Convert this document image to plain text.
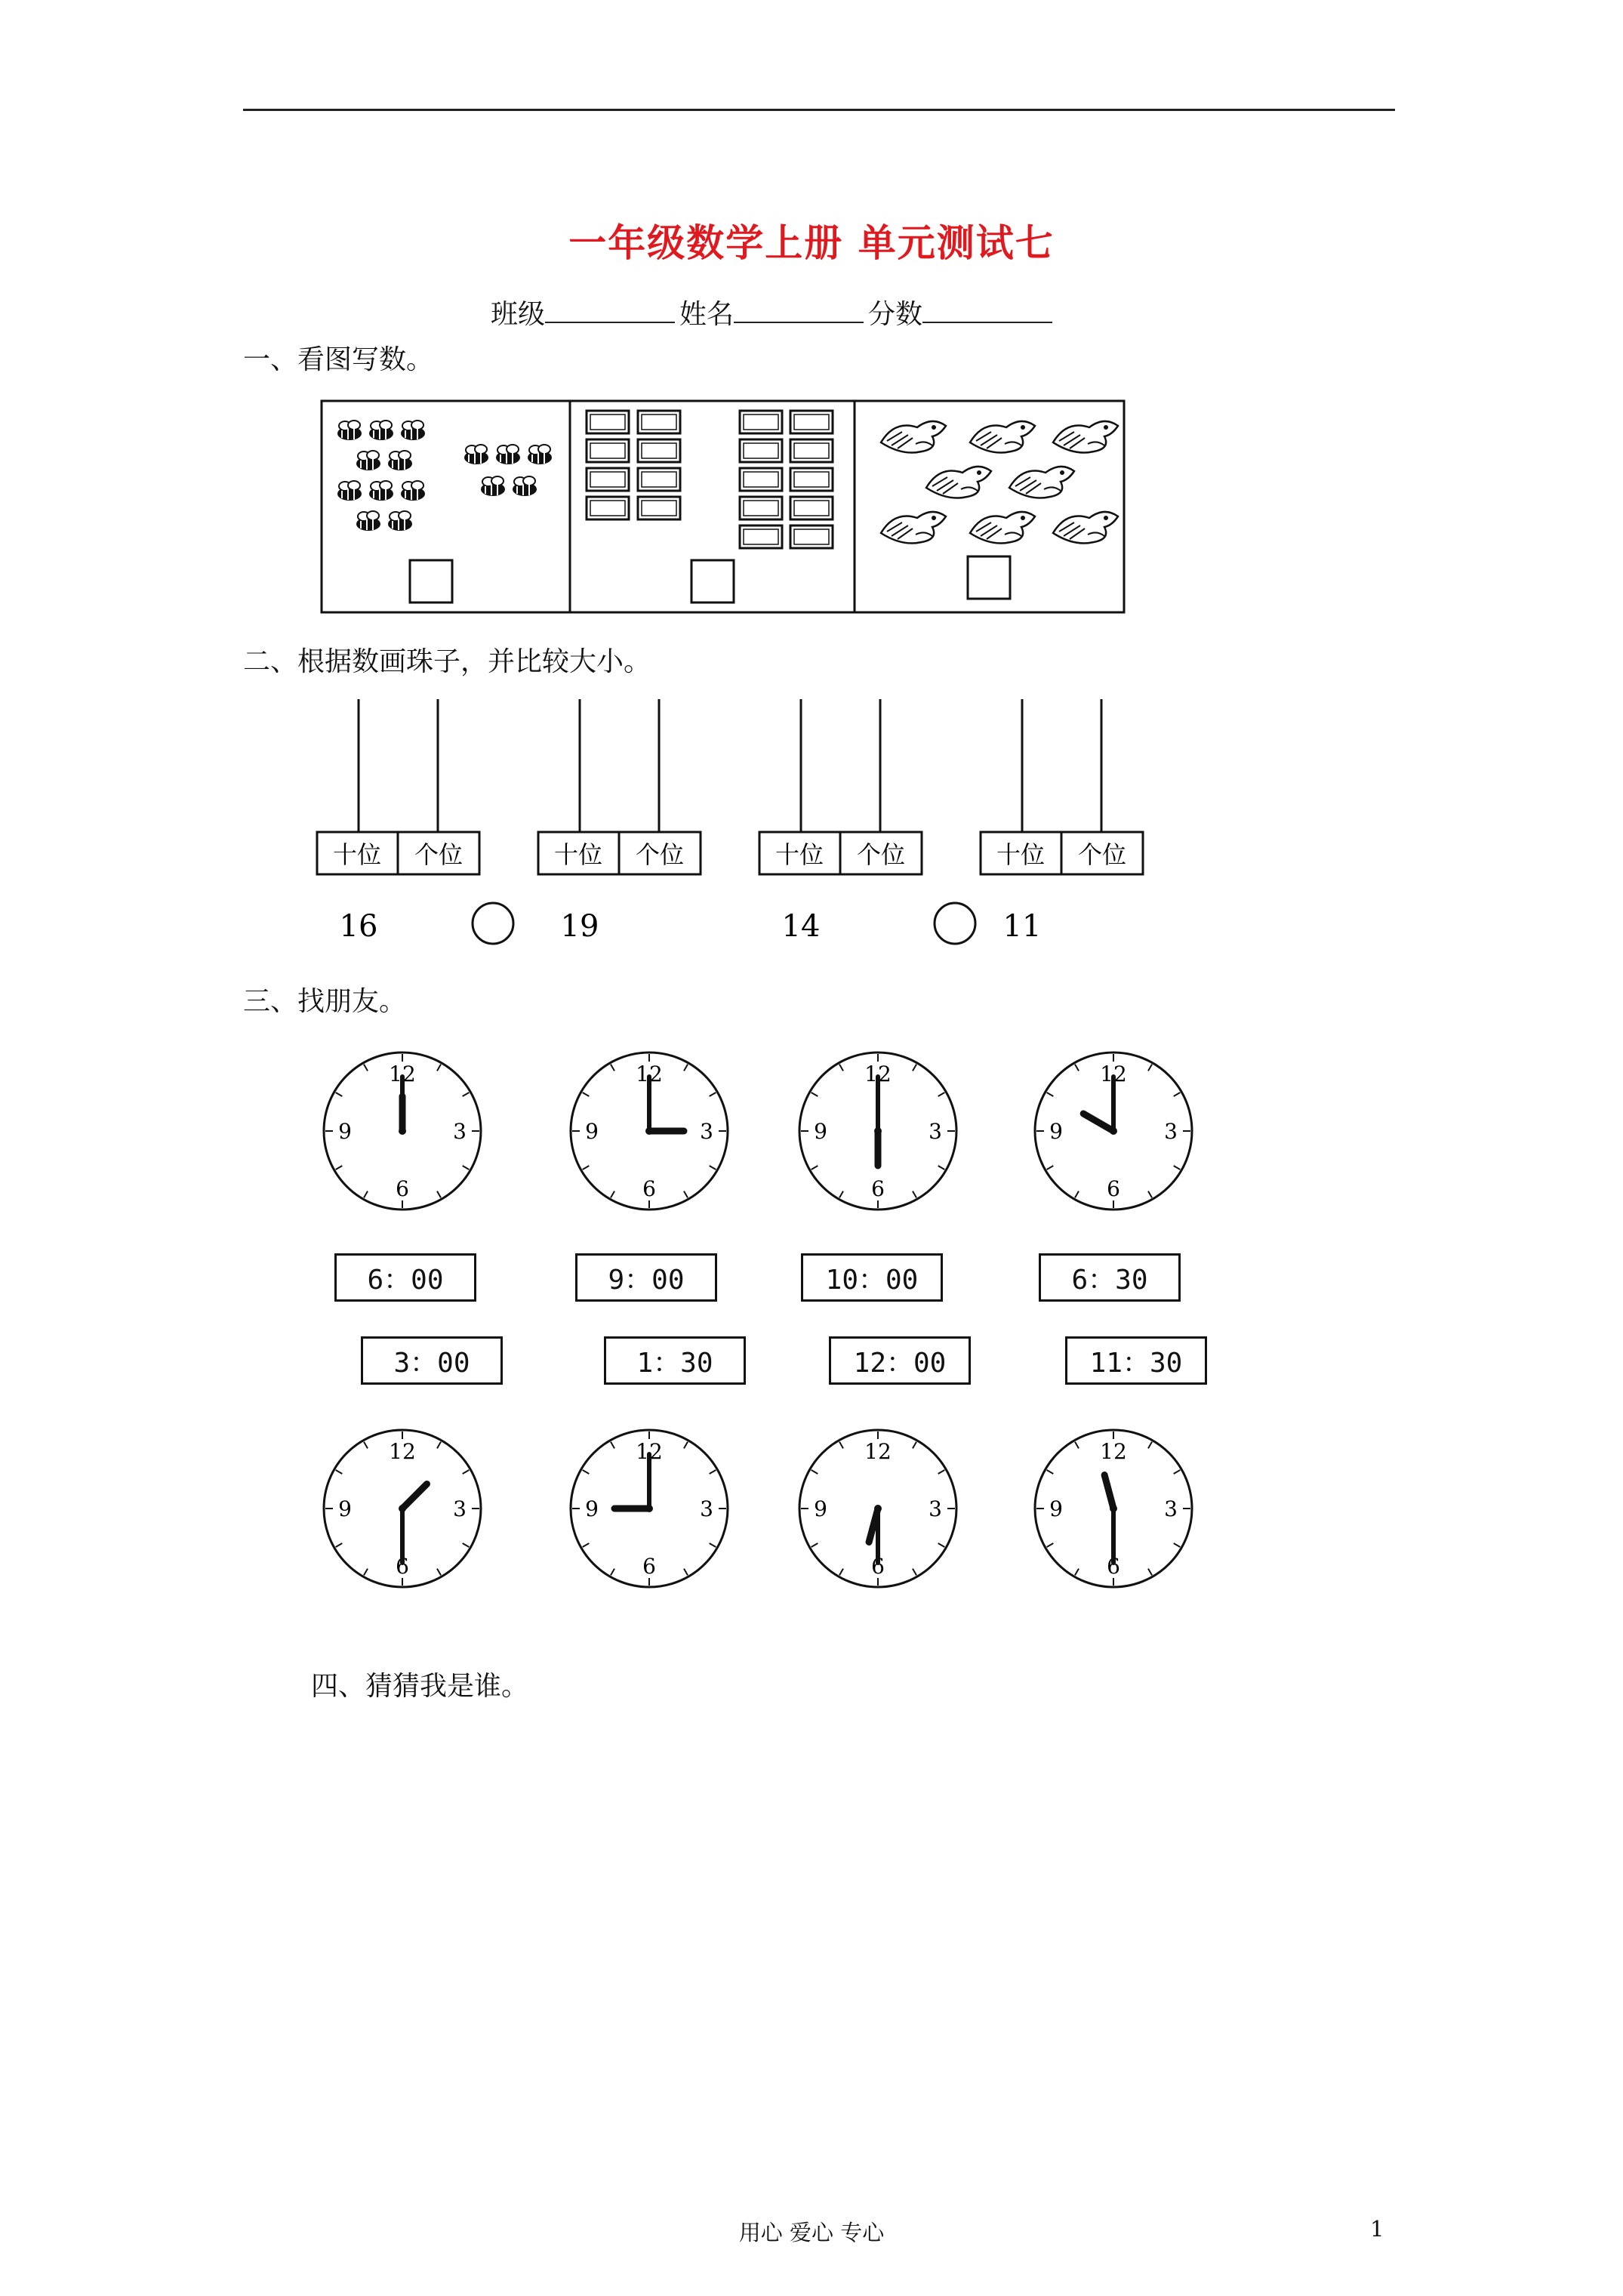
一年级数学上册 单元测试七
班级	姓名	分数
一、看图写数。
二、根据数画珠子，并比较大小。
十位 个位
16
十位 个位
19
十位 个位
14
十位 个位
11
三、找朋友。
12
3
6
9
12
3
6
9
12
3
6
9
12
3
6
9
6：00	9：00	10：00	6：30
3：00	1：30	12：00	11：30
12
3
6
9
12
3
6
9
12
3
6
9
12
3
6
9
四、猜猜我是谁。
用心 爱心 专心	1
